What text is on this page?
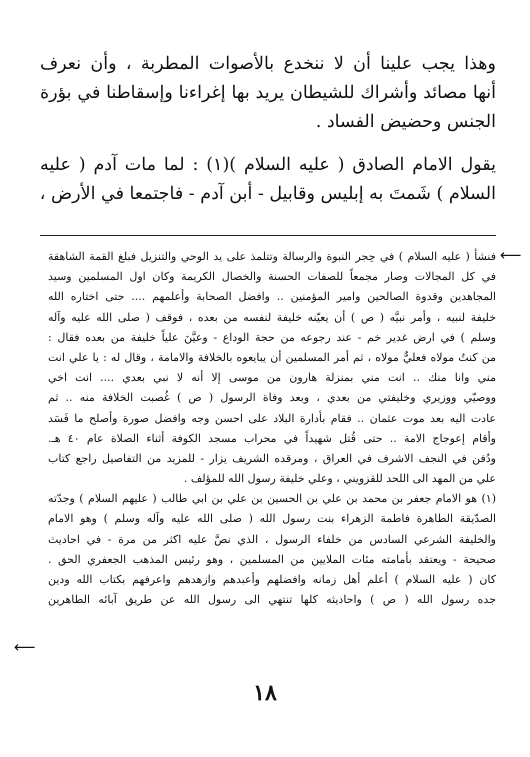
وهذا يجب علينا أن لا ننخدع بالأصوات المطربة ، وأن نعرف
أنها مصائد وأشراك للشيطان يريد بها إغراءنا وإسقاطنا في بؤرة
الجنس وحضيض الفساد .
يقول الامام الصادق ( عليه السلام )(١) : لما مات آدم ( عليه
السلام ) شَمتَ به إبليس وقابيل - أبن آدم - فاجتمعا في الأرض ،
⟵
فنشأ ( عليه السلام ) في حِجر النبوة والرسالة وتتلمذ على يد الوحي والتنزيل فبلغ القمة الشاهقة
في كل المجالات وصار مجمعاً للصفات الحسنة والخصال الكريمة وكان اول المسلمين وسيد
المجاهدين وقدوة الصالحين وامير المؤمنين .. وافضل الصحابة وأعلمهم .... حتى اختاره الله
خليفة لنبيه ، وأمر نبيَّه ( ص ) أن يعيّنه خليفة لنفسه من بعده ، فوقف ( صلى الله عليه وآله
وسلم ) في ارض غدير خم - عند رجوعه من حجة الوداع - وعيَّنَ علياً خليفة من بعده فقال :
من كنتُ مولاه فعليٌّ مولاه ، ثم أمر المسلمين أن يبايعوه بالخلافة والامامة ، وقال له : يا علي انت
مني وانا منك .. انت مني بمنزلة هارون من موسى إلا أنه لا نبي بعدي .... انت اخي
ووصيّي ووزيري وخليفتي من بعدي ، وبعد وفاة الرسول ( ص ) غُصبت الخلافة منه .. ثم
عادت اليه بعد موت عثمان .. فقام بأدارة البلاد على احسن وجه وافضل صورة وأصلح ما فَسَد
وأقام إعوجاج الامة .. حتى قُتل شهيداً في محراب مسجد الكوفة أثناء الصلاة عام ٤٠ هـ.
ودُفن في النجف الاشرف في العراق ، ومرقده الشريف يزار - للمزيد من التفاصيل راجع كتاب
علي من المهد الى اللحد للقزويني ، وعلي خليفة رسول الله للمؤلف .
(١) هو الامام جعفر بن محمد بن علي بن الحسين بن علي بن ابي طالب ( عليهم السلام ) وجدّته
الصدّيقة الطاهرة فاطمة الزهراء بنت رسول الله ( صلى الله عليه وآله وسلم ) وهو الامام
والخليفة الشرعي السادس من خلفاء الرسول ، الذي نصَّ عليه اكثر من مرة - في احاديث
صحيحة - ويعتقد بأمامته مئات الملايين من المسلمين ، وهو رئيس المذهب الجعفري الحق .
كان ( عليه السلام ) أعلم أهل زمانه وافضلهم وأعبدهم وازهدهم واعرفهم بكتاب الله ودين
جده رسول الله ( ص ) واحاديثه كلها تنتهي الى رسول الله عن طريق آبائه الطاهرين
⟵
١٨
